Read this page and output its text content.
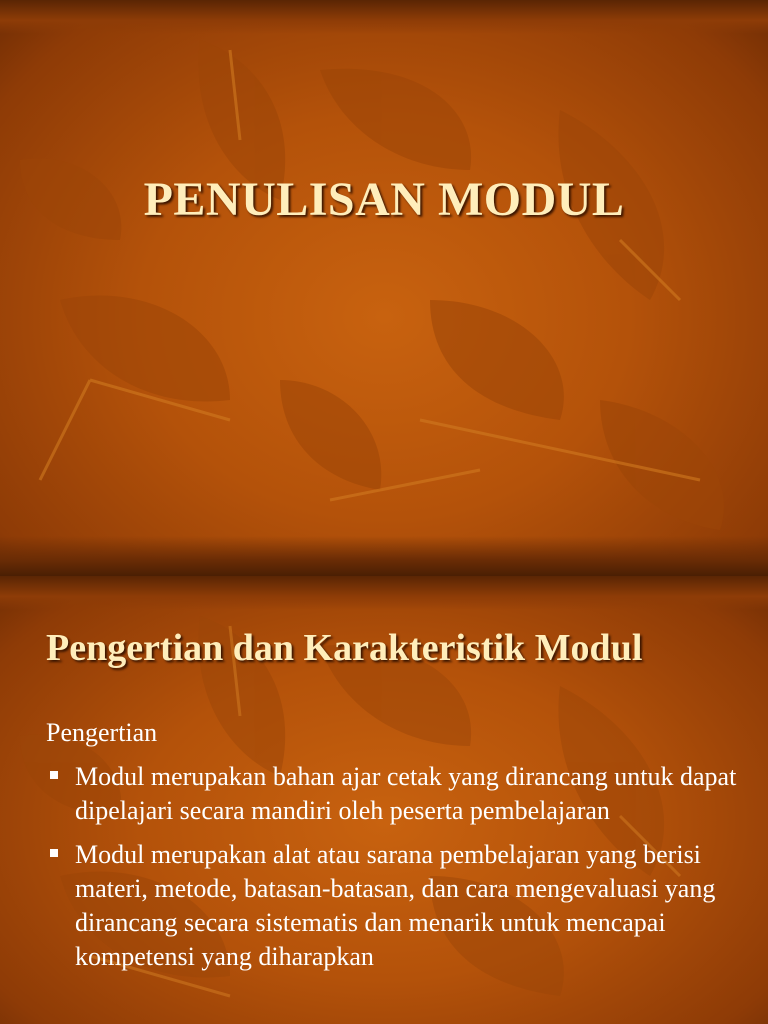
PENULISAN MODUL
Pengertian dan Karakteristik Modul

Pengertian

Modul merupakan bahan ajar cetak yang dirancang untuk dapat dipelajari secara mandiri oleh peserta pembelajaran
Modul merupakan alat atau sarana pembelajaran yang berisi materi, metode, batasan-batasan, dan cara mengevaluasi yang dirancang secara sistematis dan menarik untuk mencapai kompetensi yang diharapkan
